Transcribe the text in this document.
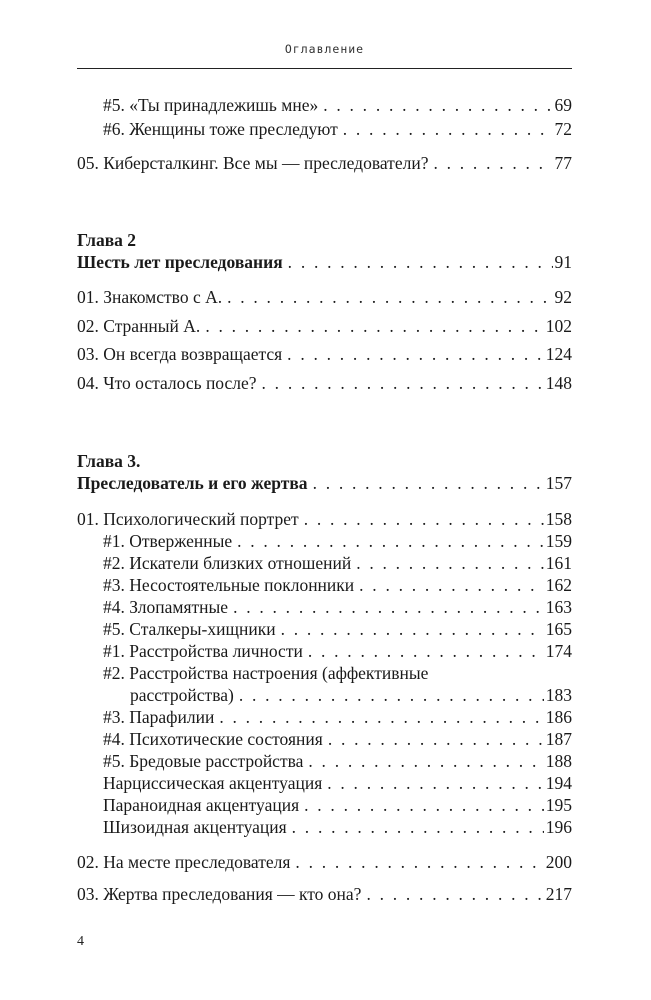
Оглавление
#5. «Ты принадлежишь мне» . . .	69
#6. Женщины тоже преследуют . . .	72
05. Киберсталкинг. Все мы — преследователи? . . .	77
Глава 2
Шесть лет преследования . . .	91
01. Знакомство с А. . . .	92
02. Странный А. . . .	102
03. Он всегда возвращается . . .	124
04. Что осталось после? . . .	148
Глава 3.
Преследователь и его жертва . . .	157
01. Психологический портрет . . .	158
#1. Отверженные . . .	159
#2. Искатели близких отношений . . .	161
#3. Несостоятельные поклонники . . .	162
#4. Злопамятные . . .	163
#5. Сталкеры-хищники . . .	165
#1. Расстройства личности . . .	174
#2. Расстройства настроения (аффективные
расстройства) . . .	183
#3. Парафилии . . .	186
#4. Психотические состояния . . .	187
#5. Бредовые расстройства . . .	188
Нарциссическая акцентуация . . .	194
Параноидная акцентуация . . .	195
Шизоидная акцентуация . . .	196
02. На месте преследователя . . .	200
03. Жертва преследования — кто она? . . .	217
4
